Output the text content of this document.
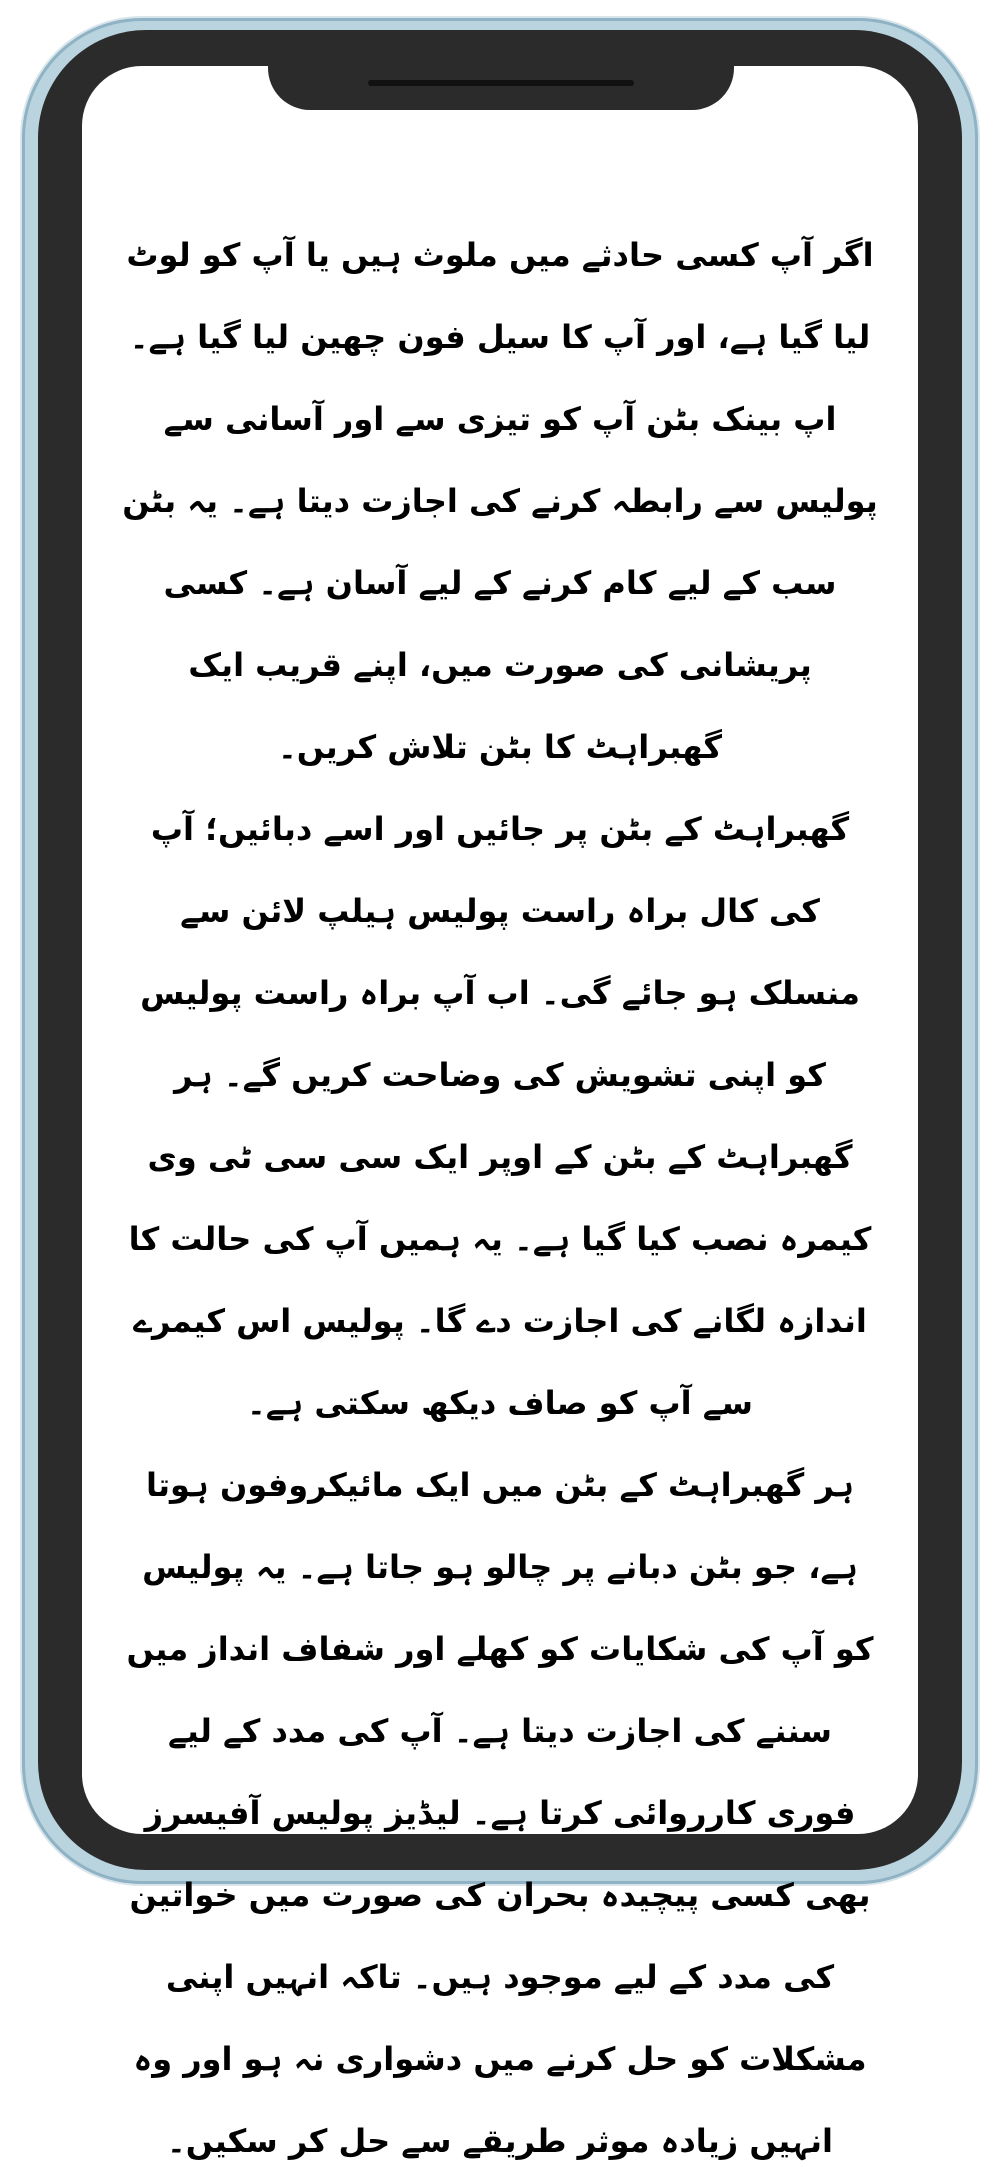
اگر آپ کسی حادثے میں ملوث ہیں یا آپ کو لوٹ لیا گیا ہے، اور آپ کا سیل فون چھین لیا گیا ہے۔ اپ بینک بٹن آپ کو تیزی سے اور آسانی سے پولیس سے رابطہ کرنے کی اجازت دیتا ہے۔ یہ بٹن سب کے لیے کام کرنے کے لیے آسان ہے۔ کسی پریشانی کی صورت میں، اپنے قریب ایک گھبراہٹ کا بٹن تلاش کریں۔

گھبراہٹ کے بٹن پر جائیں اور اسے دبائیں؛ آپ کی کال براہ راست پولیس ہیلپ لائن سے منسلک ہو جائے گی۔ اب آپ براہ راست پولیس کو اپنی تشویش کی وضاحت کریں گے۔ ہر گھبراہٹ کے بٹن کے اوپر ایک سی سی ٹی وی کیمرہ نصب کیا گیا ہے۔ یہ ہمیں آپ کی حالت کا اندازہ لگانے کی اجازت دے گا۔ پولیس اس کیمرے سے آپ کو صاف دیکھ سکتی ہے۔

ہر گھبراہٹ کے بٹن میں ایک مائیکروفون ہوتا ہے، جو بٹن دبانے پر چالو ہو جاتا ہے۔ یہ پولیس کو آپ کی شکایات کو کھلے اور شفاف انداز میں سننے کی اجازت دیتا ہے۔ آپ کی مدد کے لیے فوری کارروائی کرتا ہے۔ لیڈیز پولیس آفیسرز بھی کسی پیچیدہ بحران کی صورت میں خواتین کی مدد کے لیے موجود ہیں۔ تاکہ انہیں اپنی مشکلات کو حل کرنے میں دشواری نہ ہو اور وہ انہیں زیادہ موثر طریقے سے حل کر سکیں۔
